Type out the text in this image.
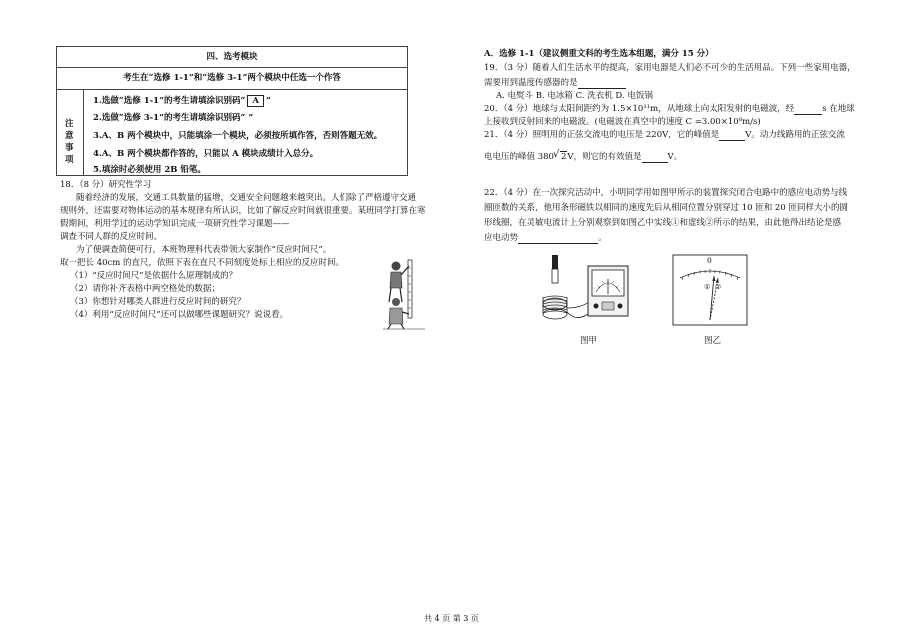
四、选考模块
考生在“选修 1-1”和“选修 3-1”两个模块中任选一个作答
注
意
事
项
1.选做“选修 1-1”的考生请填涂识别码“ A ”
2.选做“选修 3-1”的考生请填涂识别码“ ”
3.A、B 两个模块中，只能填涂一个模块，必须按所填作答，否则答题无效。
4.A、B 两个模块都作答的，只能以 A 模块成绩计入总分。
5.填涂时必须使用 2B 铅笔。
18．（8 分）研究性学习
随着经济的发展，交通工具数量的猛增，交通安全问题越来越突出。人们除了严格遵守交通
规则外，还需要对物体运动的基本规律有所认识，比如了解反应时间就很重要。某班同学打算在寒
假期间，利用学过的运动学知识完成一项研究性学习课题——
调查不同人群的反应时间。
为了便调查简便可行，本班物理科代表带领大家制作“反应时间尺”。
取一把长 40cm 的直尺，依照下表在直尺不同刻度处标上相应的反应时间。
（1）“反应时间尺”是依据什么原理制成的？
（2）请你补齐表格中两空格处的数据；
（3）你想针对哪类人群进行反应时间的研究？
（4）利用“反应时间尺”还可以做哪些课题研究？说说看。
A．选修 1-1（建议侧重文科的考生选本组题，满分 15 分）
19．（3 分）随着人们生活水平的提高，家用电器是人们必不可少的生活用品。下列一些家用电器，
需要用到温度传感器的是
A. 电熨斗 B. 电冰箱 C. 洗衣机 D. 电饭锅
20．（4 分）地球与太阳间距约为 1.5×10¹¹m，从地球上向太阳发射的电磁波，经	s 在地球
上接收到反射回来的电磁波。(电磁波在真空中的速度 C =3.00×10⁸m/s)
21．（4 分）照明用的正弦交流电的电压是 220V，它的峰值是	V。动力线路用的正弦交流
电电压的峰值 380√ 2V，则它的有效值是	V。
22．（4 分）在一次探究活动中，小明同学用如图甲所示的装置探究闭合电路中的感应电动势与线
圈匝数的关系，他用条形磁铁以相同的速度先后从相同位置分别穿过 10 匝和 20 匝同样大小的圆
形线圈，在灵敏电流计上分别观察到如图乙中实线①和虚线②所示的结果，由此他得出结论是感
应电动势	。
图甲
0
① ②
图乙
共 4 页 第 3 页
